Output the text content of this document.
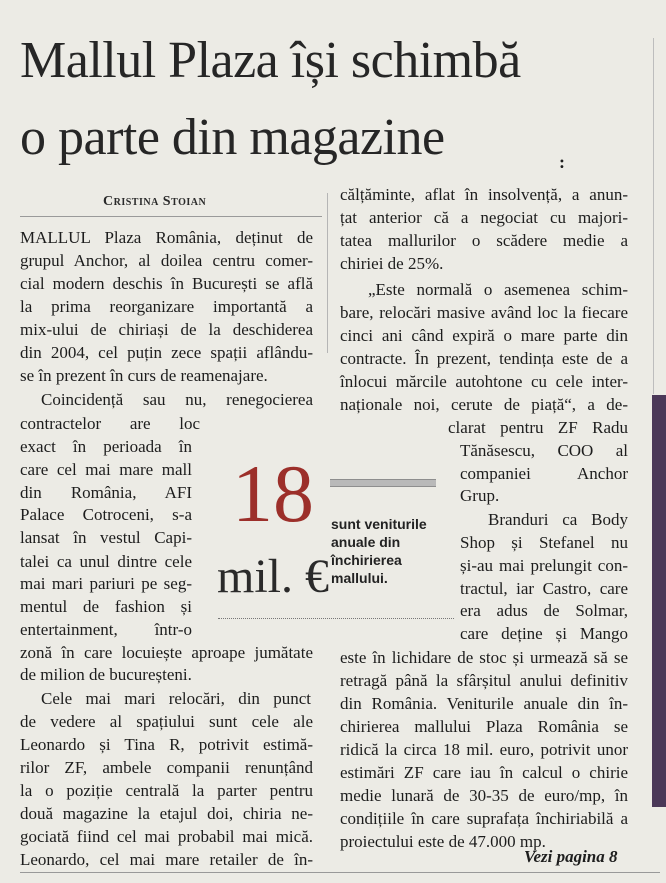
Mallul Plaza își schimbă
o parte din magazine	:
Cristina Stoian
MALLUL Plaza România, deținut de
grupul Anchor, al doilea centru comer-
cial modern deschis în București se află
la prima reorganizare importantă a
mix-ului de chiriași de la deschiderea
din 2004, cel puțin zece spații aflându-
se în prezent în curs de reamenajare.
Coincidență sau nu, renegocierea
contractelor are loc
exact în perioada în
care cel mai mare mall
din România, AFI
Palace Cotroceni, s-a
lansat în vestul Capi-
talei ca unul dintre cele
mai mari pariuri pe seg-
mentul de fashion și
entertainment, într-o
zonă în care locuiește aproape jumătate
de milion de bucureșteni.
Cele mai mari relocări, din punct
de vedere al spațiului sunt cele ale
Leonardo și Tina R, potrivit estimă-
rilor ZF, ambele companii renunțând
la o poziție centrală la parter pentru
două magazine la etajul doi, chiria ne-
gociată fiind cel mai probabil mai mică.
Leonardo, cel mai mare retailer de în-
călțăminte, aflat în insolvență, a anun-
țat anterior că a negociat cu majori-
tatea mallurilor o scădere medie a
chiriei de 25%.
„Este normală o asemenea schim-
bare, relocări masive având loc la fiecare
cinci ani când expiră o mare parte din
contracte. În prezent, tendința este de a
înlocui mărcile autohtone cu cele inter-
naționale noi, cerute de piață“, a de-
clarat pentru ZF Radu
Tănăsescu, COO al
companiei Anchor
Grup.
Branduri ca Body
Shop și Stefanel nu
și-au mai prelungit con-
tractul, iar Castro, care
era adus de Solmar,
care deține și Mango
este în lichidare de stoc și urmează să se
retragă până la sfârșitul anului definitiv
din România. Veniturile anuale din în-
chirierea mallului Plaza România se
ridică la circa 18 mil. euro, potrivit unor
estimări ZF care iau în calcul o chirie
medie lunară de 30-35 de euro/mp, în
condițiile în care suprafața închiriabilă a
proiectului este de 47.000 mp.
18
mil. €
sunt veniturile
anuale din
închirierea
mallului.
Vezi pagina 8
